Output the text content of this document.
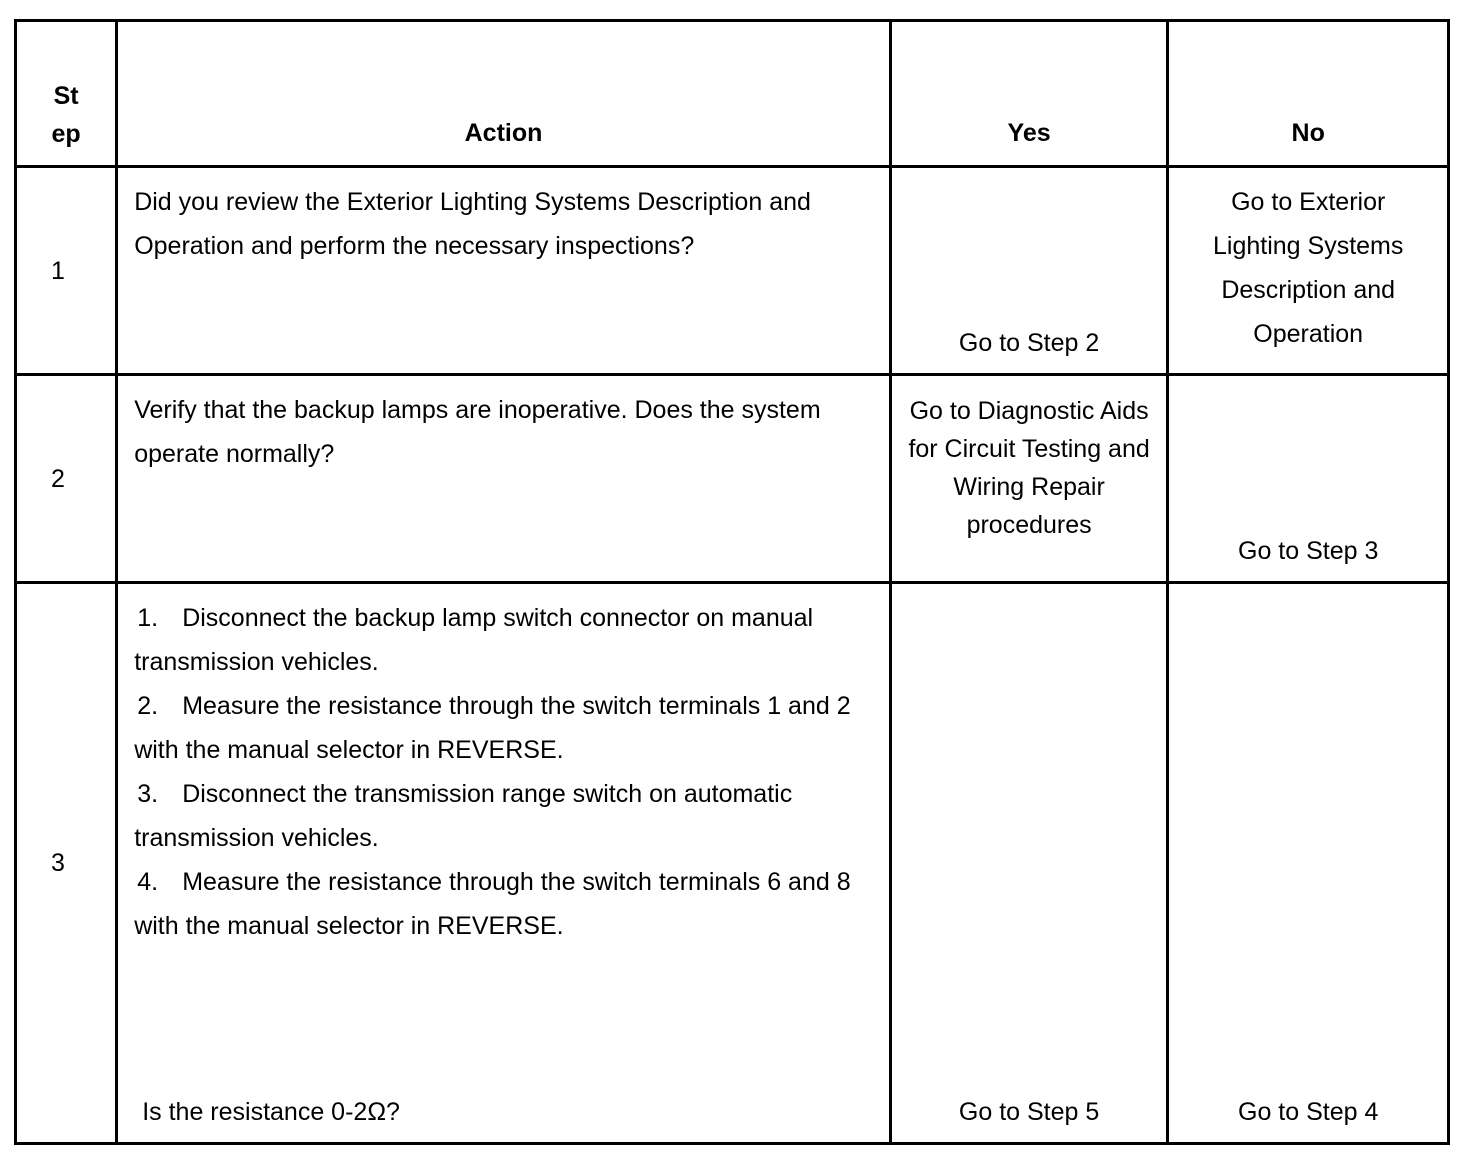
St
ep	Action	Yes	No
1	Did you review the Exterior Lighting Systems Description and Operation and perform the necessary inspections?	Go to Step 2	Go to Exterior Lighting Systems Description and Operation

2	Verify that the backup lamps are inoperative. Does the system operate normally?	Go to Diagnostic Aids for Circuit Testing and Wiring Repair procedures	Go to Step 3

3	1. Disconnect the backup lamp switch connector on manual transmission vehicles.
2. Measure the resistance through the switch terminals 1 and 2 with the manual selector in REVERSE.
3. Disconnect the transmission range switch on automatic transmission vehicles.
4. Measure the resistance through the switch terminals 6 and 8 with the manual selector in REVERSE.
Is the resistance 0-2Ω?	Go to Step 5	Go to Step 4
